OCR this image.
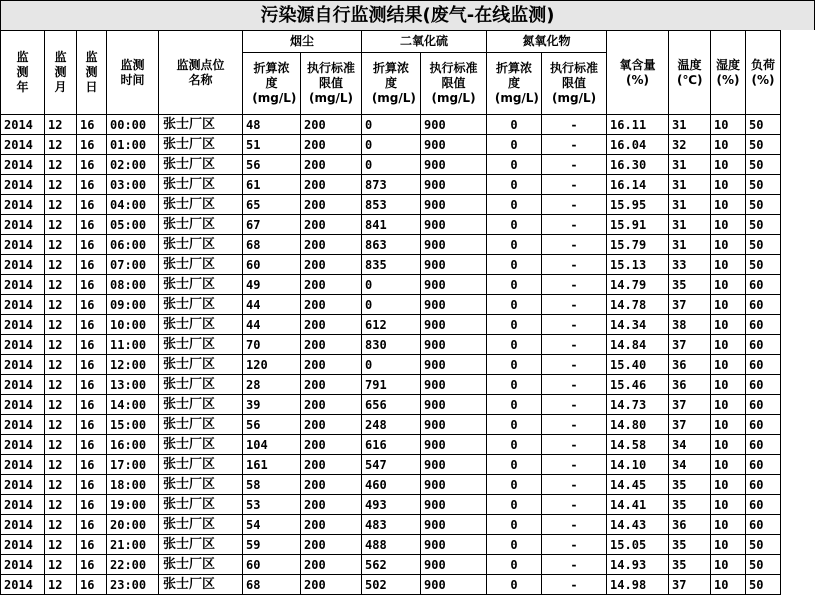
污染源自行监测结果(废气-在线监测)
监测年	监测月	监测日	监测时间	监测点位名称	烟尘		二氧化硫		氮氧化物		氧含量(%)	温度(℃)	湿度(%)	负荷(%)
					折算浓度(mg/L)	执行标准限值(mg/L)	折算浓度(mg/L)	执行标准限值(mg/L)	折算浓度(mg/L)	执行标准限值(mg/L)				
2014	12	16	00:00	张士厂区	48	200	0	900	0	-	16.11	31	10	50
2014	12	16	01:00	张士厂区	51	200	0	900	0	-	16.04	32	10	50
2014	12	16	02:00	张士厂区	56	200	0	900	0	-	16.30	31	10	50
2014	12	16	03:00	张士厂区	61	200	873	900	0	-	16.14	31	10	50
2014	12	16	04:00	张士厂区	65	200	853	900	0	-	15.95	31	10	50
2014	12	16	05:00	张士厂区	67	200	841	900	0	-	15.91	31	10	50
2014	12	16	06:00	张士厂区	68	200	863	900	0	-	15.79	31	10	50
2014	12	16	07:00	张士厂区	60	200	835	900	0	-	15.13	33	10	50
2014	12	16	08:00	张士厂区	49	200	0	900	0	-	14.79	35	10	60
2014	12	16	09:00	张士厂区	44	200	0	900	0	-	14.78	37	10	60
2014	12	16	10:00	张士厂区	44	200	612	900	0	-	14.34	38	10	60
2014	12	16	11:00	张士厂区	70	200	830	900	0	-	14.84	37	10	60
2014	12	16	12:00	张士厂区	120	200	0	900	0	-	15.40	36	10	60
2014	12	16	13:00	张士厂区	28	200	791	900	0	-	15.46	36	10	60
2014	12	16	14:00	张士厂区	39	200	656	900	0	-	14.73	37	10	60
2014	12	16	15:00	张士厂区	56	200	248	900	0	-	14.80	37	10	60
2014	12	16	16:00	张士厂区	104	200	616	900	0	-	14.58	34	10	60
2014	12	16	17:00	张士厂区	161	200	547	900	0	-	14.10	34	10	60
2014	12	16	18:00	张士厂区	58	200	460	900	0	-	14.45	35	10	60
2014	12	16	19:00	张士厂区	53	200	493	900	0	-	14.41	35	10	60
2014	12	16	20:00	张士厂区	54	200	483	900	0	-	14.43	36	10	60
2014	12	16	21:00	张士厂区	59	200	488	900	0	-	15.05	35	10	50
2014	12	16	22:00	张士厂区	60	200	562	900	0	-	14.93	35	10	50
2014	12	16	23:00	张士厂区	68	200	502	900	0	-	14.98	37	10	50
